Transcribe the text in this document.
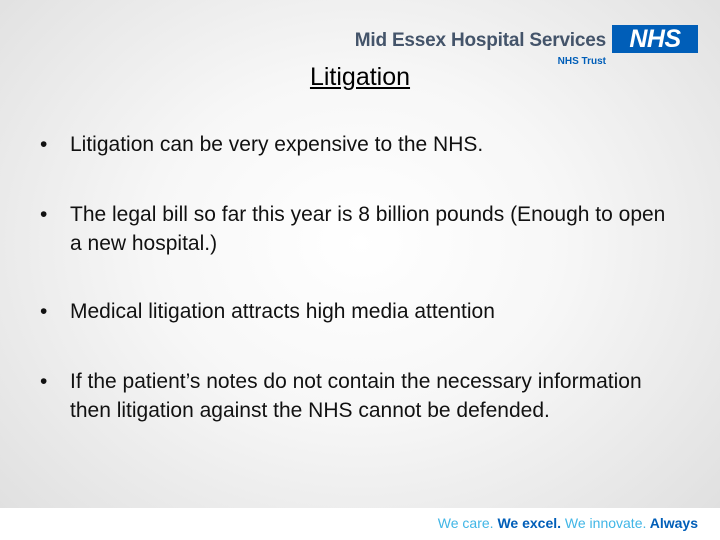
Mid Essex Hospital Services NHS
NHS Trust
Litigation
• Litigation can be very expensive to the NHS.
• The legal bill so far this year is 8 billion pounds (Enough to open a new hospital.)
• Medical litigation attracts high media attention
• If the patient’s notes do not contain the necessary information then litigation against the NHS cannot be defended.
We care. We excel. We innovate. Always
